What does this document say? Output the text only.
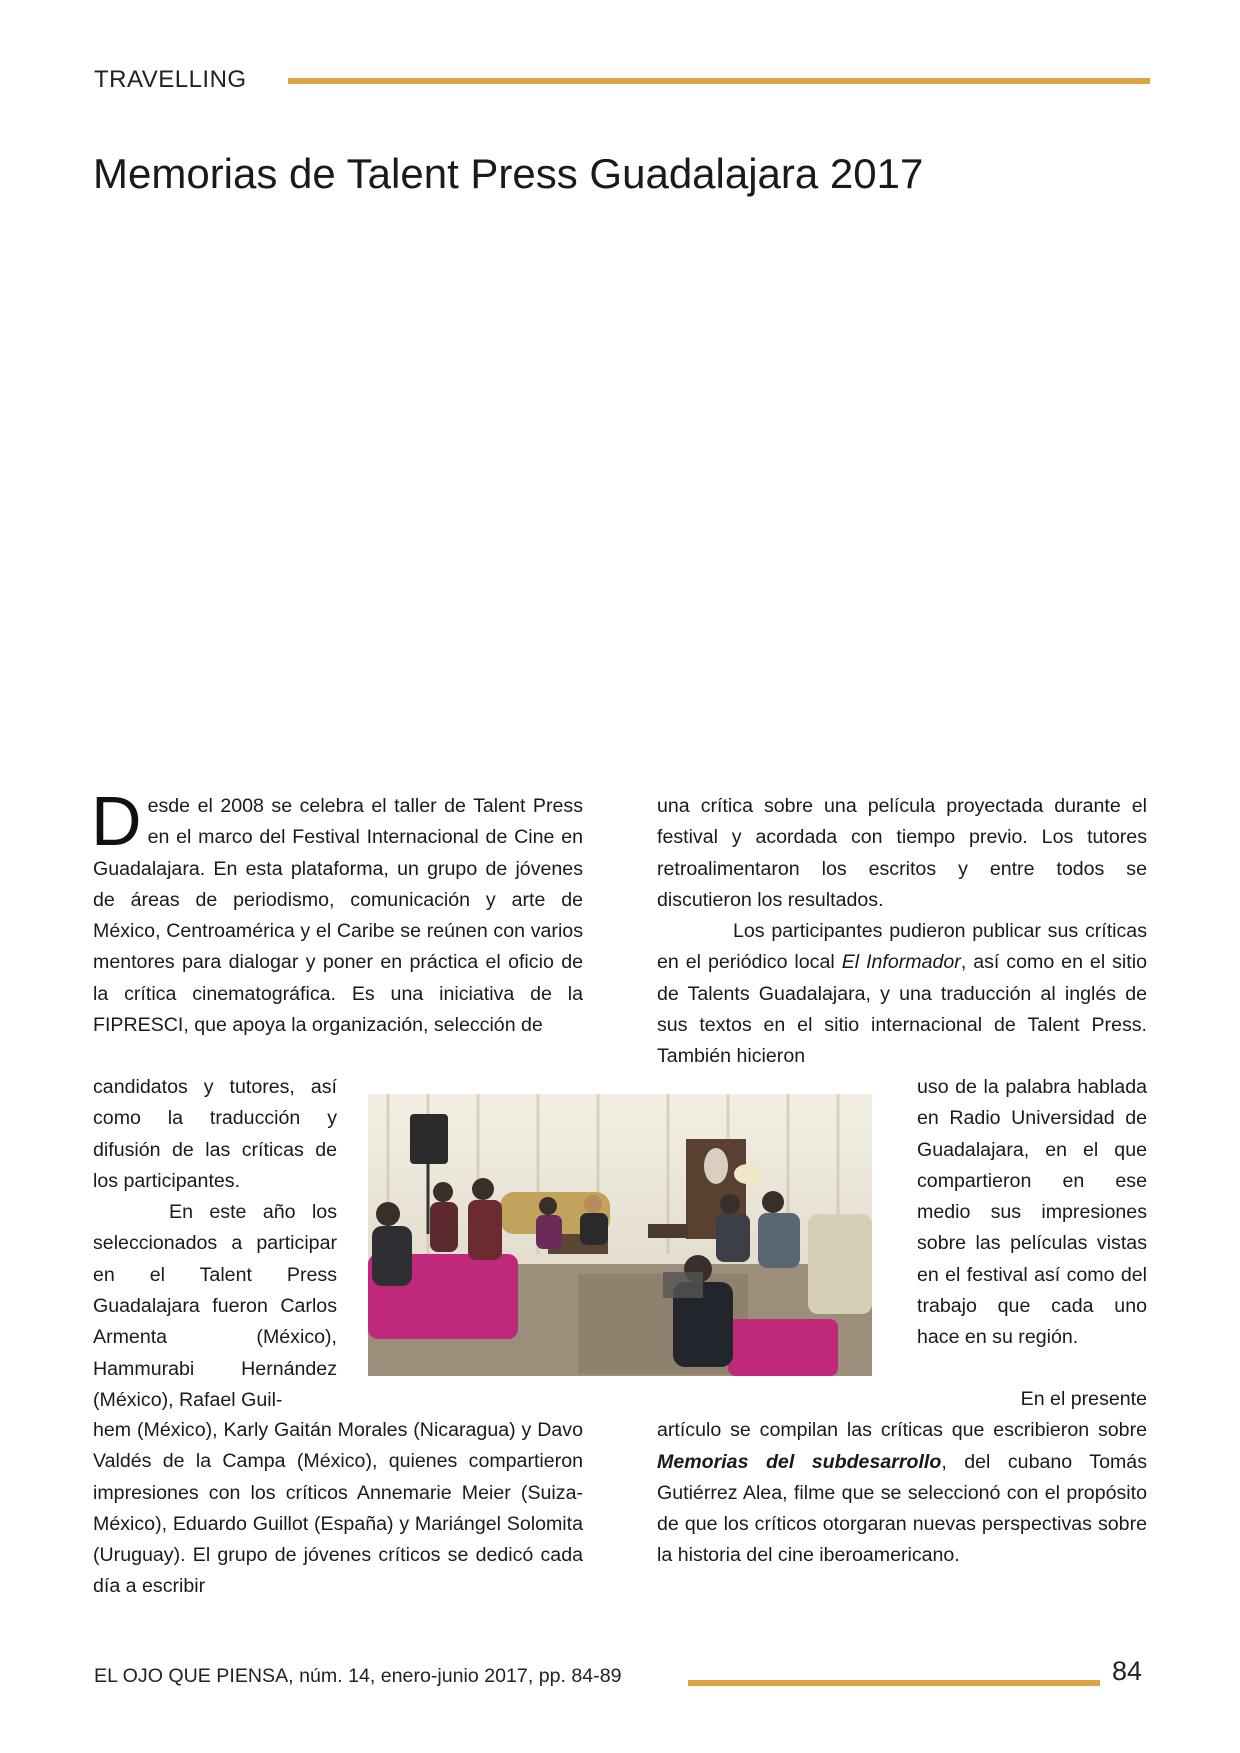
TRAVELLING
Memorias de Talent Press Guadalajara 2017

Desde el 2008 se celebra el taller de Talent Press en el marco del Festival Internacional de Cine en Guadalajara. En esta plataforma, un grupo de jóvenes de áreas de periodismo, comunicación y arte de México, Centroamérica y el Caribe se reúnen con varios mentores para dialogar y poner en práctica el oficio de la crítica cinematográfica. Es una iniciativa de la FIPRESCI, que apoya la organización, selección de

candidatos y tutores, así como la traducción y difusión de las críticas de los participantes.

En este año los seleccionados a participar en el Talent Press Guadalajara fueron Carlos Armenta (México), Hammurabi Hernández (México), Rafael Guil-

hem (México), Karly Gaitán Morales (Nicaragua) y Davo Valdés de la Campa (México), quienes compartieron impresiones con los críticos Annemarie Meier (Suiza-México), Eduardo Guillot (España) y Mariángel Solomita (Uruguay). El grupo de jóvenes críticos se dedicó cada día a escribir

una crítica sobre una película proyectada durante el festival y acordada con tiempo previo. Los tutores retroalimentaron los escritos y entre todos se discutieron los resultados.

Los participantes pudieron publicar sus críticas en el periódico local El Informador, así como en el sitio de Talents Guadalajara, y una traducción al inglés de sus textos en el sitio internacional de Talent Press. También hicieron

uso de la palabra hablada en Radio Universidad de Guadalajara, en el que compartieron en ese medio sus impresiones sobre las películas vistas en el festival así como del trabajo que cada uno hace en su región.

En el presente

artículo se compilan las críticas que escribieron sobre Memorias del subdesarrollo, del cubano Tomás Gutiérrez Alea, filme que se seleccionó con el propósito de que los críticos otorgaran nuevas perspectivas sobre la historia del cine iberoamericano.

EL OJO QUE PIENSA, núm. 14, enero-junio 2017, pp. 84-89	84
